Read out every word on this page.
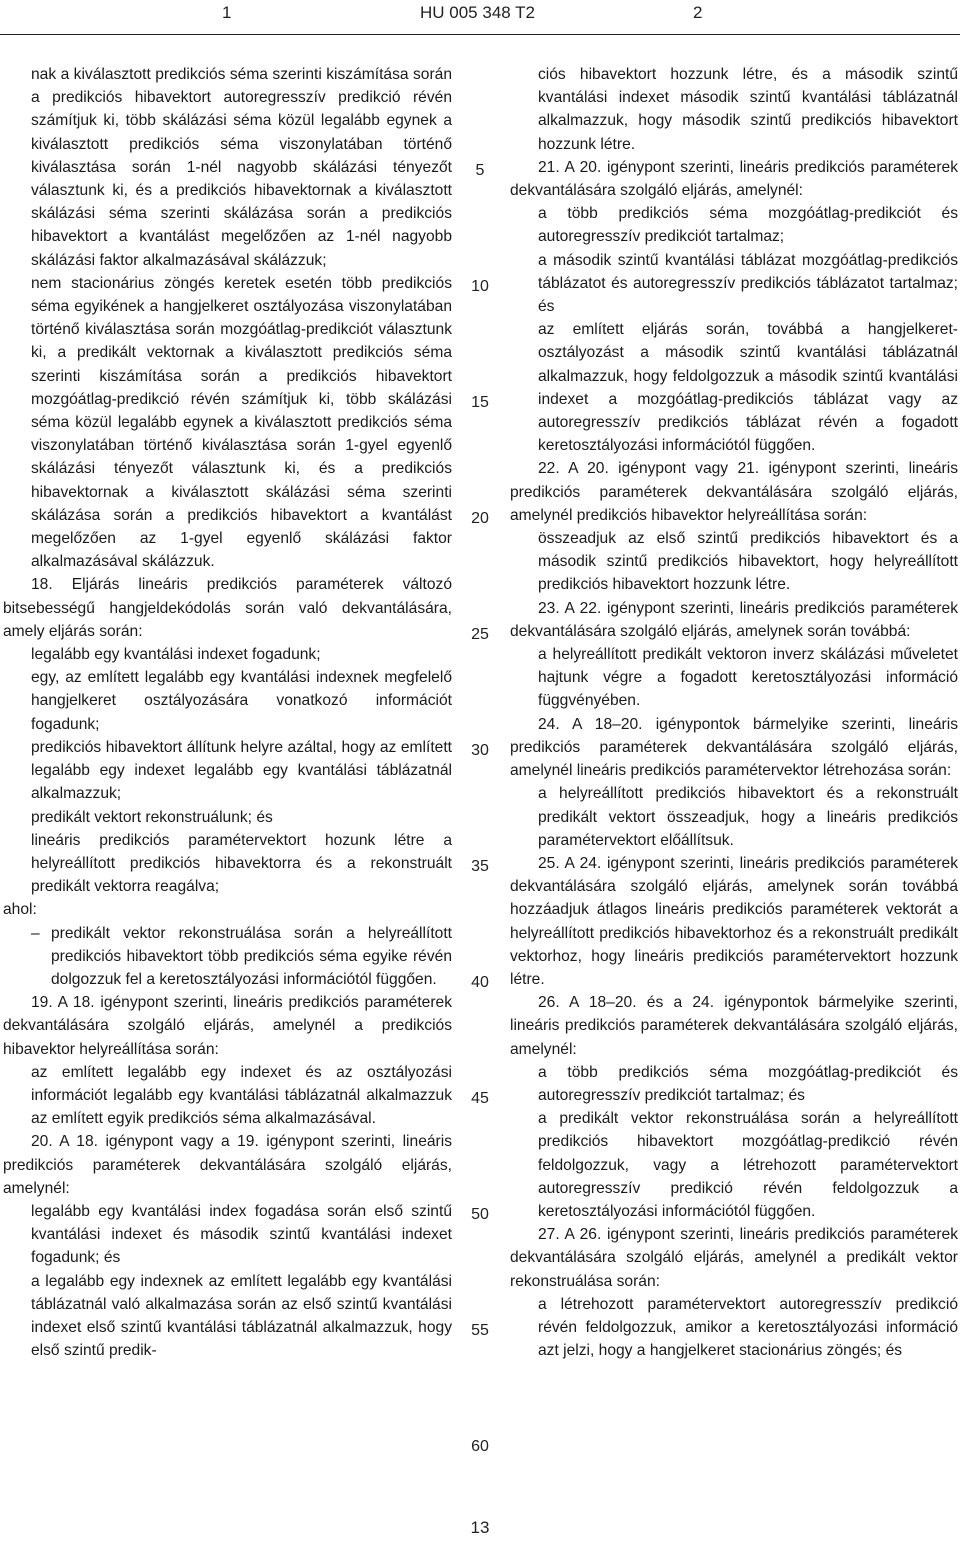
1	HU 005 348 T2	2

nak a kiválasztott predikciós séma szerinti kiszámítása során a predikciós hibavektort autoregresszív predikció révén számítjuk ki, több skálázási séma közül legalább egynek a kiválasztott predikciós séma viszonylatában történő kiválasztása során 1-nél nagyobb skálázási tényezőt választunk ki, és a predikciós hibavektornak a kiválasztott skálázási séma szerinti skálázása során a predikciós hibavektort a kvantálást megelőzően az 1-nél nagyobb skálázási faktor alkalmazásával skálázzuk;

nem stacionárius zöngés keretek esetén több predikciós séma egyikének a hangjelkeret osztályozása viszonylatában történő kiválasztása során mozgóátlag-predikciót választunk ki, a predikált vektornak a kiválasztott predikciós séma szerinti kiszámítása során a predikciós hibavektort mozgóátlag-predikció révén számítjuk ki, több skálázási séma közül legalább egynek a kiválasztott predikciós séma viszonylatában történő kiválasztása során 1-gyel egyenlő skálázási tényezőt választunk ki, és a predikciós hibavektornak a kiválasztott skálázási séma szerinti skálázása során a predikciós hibavektort a kvantálást megelőzően az 1-gyel egyenlő skálázási faktor alkalmazásával skálázzuk.

18. Eljárás lineáris predikciós paraméterek változó bitsebességű hangjeldekódolás során való dekvantálására, amely eljárás során:

legalább egy kvantálási indexet fogadunk;

egy, az említett legalább egy kvantálási indexnek megfelelő hangjelkeret osztályozására vonatkozó információt fogadunk;

predikciós hibavektort állítunk helyre azáltal, hogy az említett legalább egy indexet legalább egy kvantálási táblázatnál alkalmazzuk;

predikált vektort rekonstruálunk; és

lineáris predikciós paramétervektort hozunk létre a helyreállított predikciós hibavektorra és a rekonstruált predikált vektorra reagálva;

ahol:

– predikált vektor rekonstruálása során a helyreállított predikciós hibavektort több predikciós séma egyike révén dolgozzuk fel a keretosztályozási információtól függően.

19. A 18. igénypont szerinti, lineáris predikciós paraméterek dekvantálására szolgáló eljárás, amelynél a predikciós hibavektor helyreállítása során:

az említett legalább egy indexet és az osztályozási információt legalább egy kvantálási táblázatnál alkalmazzuk az említett egyik predikciós séma alkalmazásával.

20. A 18. igénypont vagy a 19. igénypont szerinti, lineáris predikciós paraméterek dekvantálására szolgáló eljárás, amelynél:

legalább egy kvantálási index fogadása során első szintű kvantálási indexet és második szintű kvantálási indexet fogadunk; és

a legalább egy indexnek az említett legalább egy kvantálási táblázatnál való alkalmazása során az első szintű kvantálási indexet első szintű kvantálási táblázatnál alkalmazzuk, hogy első szintű predik-

ciós hibavektort hozzunk létre, és a második szintű kvantálási indexet második szintű kvantálási táblázatnál alkalmazzuk, hogy második szintű predikciós hibavektort hozzunk létre.

21. A 20. igénypont szerinti, lineáris predikciós paraméterek dekvantálására szolgáló eljárás, amelynél:

a több predikciós séma mozgóátlag-predikciót és autoregresszív predikciót tartalmaz;

a második szintű kvantálási táblázat mozgóátlag-predikciós táblázatot és autoregresszív predikciós táblázatot tartalmaz; és

az említett eljárás során, továbbá a hangjelkeret-osztályozást a második szintű kvantálási táblázatnál alkalmazzuk, hogy feldolgozzuk a második szintű kvantálási indexet a mozgóátlag-predikciós táblázat vagy az autoregresszív predikciós táblázat révén a fogadott keretosztályozási információtól függően.

22. A 20. igénypont vagy 21. igénypont szerinti, lineáris predikciós paraméterek dekvantálására szolgáló eljárás, amelynél predikciós hibavektor helyreállítása során:

összeadjuk az első szintű predikciós hibavektort és a második szintű predikciós hibavektort, hogy helyreállított predikciós hibavektort hozzunk létre.

23. A 22. igénypont szerinti, lineáris predikciós paraméterek dekvantálására szolgáló eljárás, amelynek során továbbá:

a helyreállított predikált vektoron inverz skálázási műveletet hajtunk végre a fogadott keretosztályozási információ függvényében.

24. A 18–20. igénypontok bármelyike szerinti, lineáris predikciós paraméterek dekvantálására szolgáló eljárás, amelynél lineáris predikciós paramétervektor létrehozása során:

a helyreállított predikciós hibavektort és a rekonstruált predikált vektort összeadjuk, hogy a lineáris predikciós paramétervektort előállítsuk.

25. A 24. igénypont szerinti, lineáris predikciós paraméterek dekvantálására szolgáló eljárás, amelynek során továbbá hozzáadjuk átlagos lineáris predikciós paraméterek vektorát a helyreállított predikciós hibavektorhoz és a rekonstruált predikált vektorhoz, hogy lineáris predikciós paramétervektort hozzunk létre.

26. A 18–20. és a 24. igénypontok bármelyike szerinti, lineáris predikciós paraméterek dekvantálására szolgáló eljárás, amelynél:

a több predikciós séma mozgóátlag-predikciót és autoregresszív predikciót tartalmaz; és

a predikált vektor rekonstruálása során a helyreállított predikciós hibavektort mozgóátlag-predikció révén feldolgozzuk, vagy a létrehozott paramétervektort autoregresszív predikció révén feldolgozzuk a keretosztályozási információtól függően.

27. A 26. igénypont szerinti, lineáris predikciós paraméterek dekvantálására szolgáló eljárás, amelynél a predikált vektor rekonstruálása során:

a létrehozott paramétervektort autoregresszív predikció révén feldolgozzuk, amikor a keretosztályozási információ azt jelzi, hogy a hangjelkeret stacionárius zöngés; és

5
10
15
20
25
30
35
40
45
50
55
60
13
